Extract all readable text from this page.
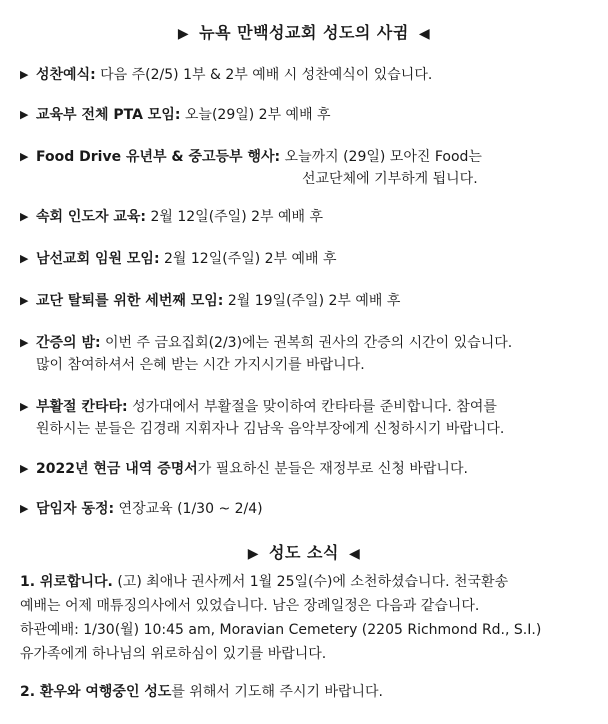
▶ 뉴욕 만백성교회 성도의 사귐 ◀
▶ 성찬예식: 다음 주(2/5) 1부 & 2부 예배 시 성찬예식이 있습니다.
▶ 교육부 전체 PTA 모임: 오늘(29일) 2부 예배 후
▶ Food Drive 유년부 & 중고등부 행사: 오늘까지 (29일) 모아진 Food는
선교단체에 기부하게 됩니다.
▶ 속회 인도자 교육: 2월 12일(주일) 2부 예배 후
▶ 남선교회 임원 모임: 2월 12일(주일) 2부 예배 후
▶ 교단 탈퇴를 위한 세번째 모임: 2월 19일(주일) 2부 예배 후
▶ 간증의 밤: 이번 주 금요집회(2/3)에는 권복희 권사의 간증의 시간이 있습니다.
많이 참여하셔서 은혜 받는 시간 가지시기를 바랍니다.
▶ 부활절 칸타타: 성가대에서 부활절을 맞이하여 칸타타를 준비합니다. 참여를
원하시는 분들은 김경래 지휘자나 김남욱 음악부장에게 신청하시기 바랍니다.
▶ 2022년 현금 내역 증명서가 필요하신 분들은 재정부로 신청 바랍니다.
▶ 담임자 동정: 연장교육 (1/30 ~ 2/4)
▶ 성도 소식 ◀
1. 위로합니다. (고) 최애나 권사께서 1월 25일(수)에 소천하셨습니다. 천국환송
예배는 어제 매튜징의사에서 있었습니다. 남은 장례일정은 다음과 같습니다.
하관예배: 1/30(월) 10:45 am, Moravian Cemetery (2205 Richmond Rd., S.I.)
유가족에게 하나님의 위로하심이 있기를 바랍니다.
2. 환우와 여행중인 성도를 위해서 기도해 주시기 바랍니다.
